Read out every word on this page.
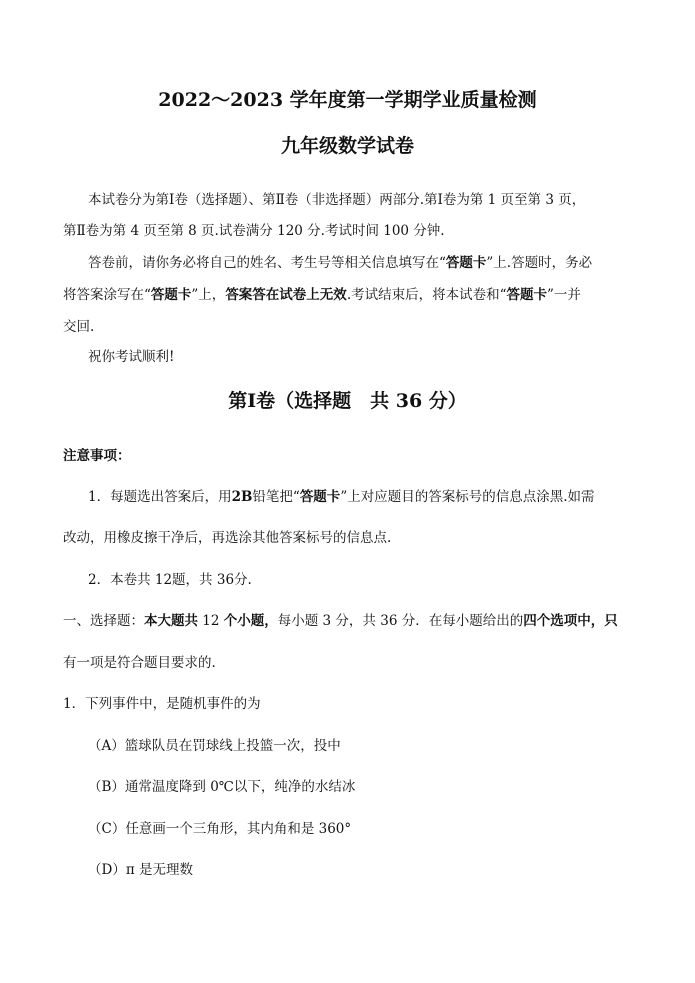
2022～2023 学年度第一学期学业质量检测
九年级数学试卷
本试卷分为第Ⅰ卷（选择题）、第Ⅱ卷（非选择题）两部分.第Ⅰ卷为第 1 页至第 3 页，
第Ⅱ卷为第 4 页至第 8 页.试卷满分 120 分.考试时间 100 分钟.
答卷前，请你务必将自己的姓名、考生号等相关信息填写在“答题卡”上.答题时，务必
将答案涂写在“答题卡”上，答案答在试卷上无效.考试结束后，将本试卷和“答题卡”一并
交回.
祝你考试顺利!
第Ⅰ卷（选择题　共 36 分）
注意事项：
1．每题选出答案后，用2B铅笔把“答题卡”上对应题目的答案标号的信息点涂黑.如需
改动，用橡皮擦干净后，再选涂其他答案标号的信息点.
2．本卷共 12题，共 36分.
一、选择题：本大题共 12 个小题，每小题 3 分，共 36 分．在每小题给出的四个选项中，只
有一项是符合题目要求的.
1．下列事件中，是随机事件的为
（A）篮球队员在罚球线上投篮一次，投中
（B）通常温度降到 0℃以下，纯净的水结冰
（C）任意画一个三角形，其内角和是 360°
（D）π 是无理数
